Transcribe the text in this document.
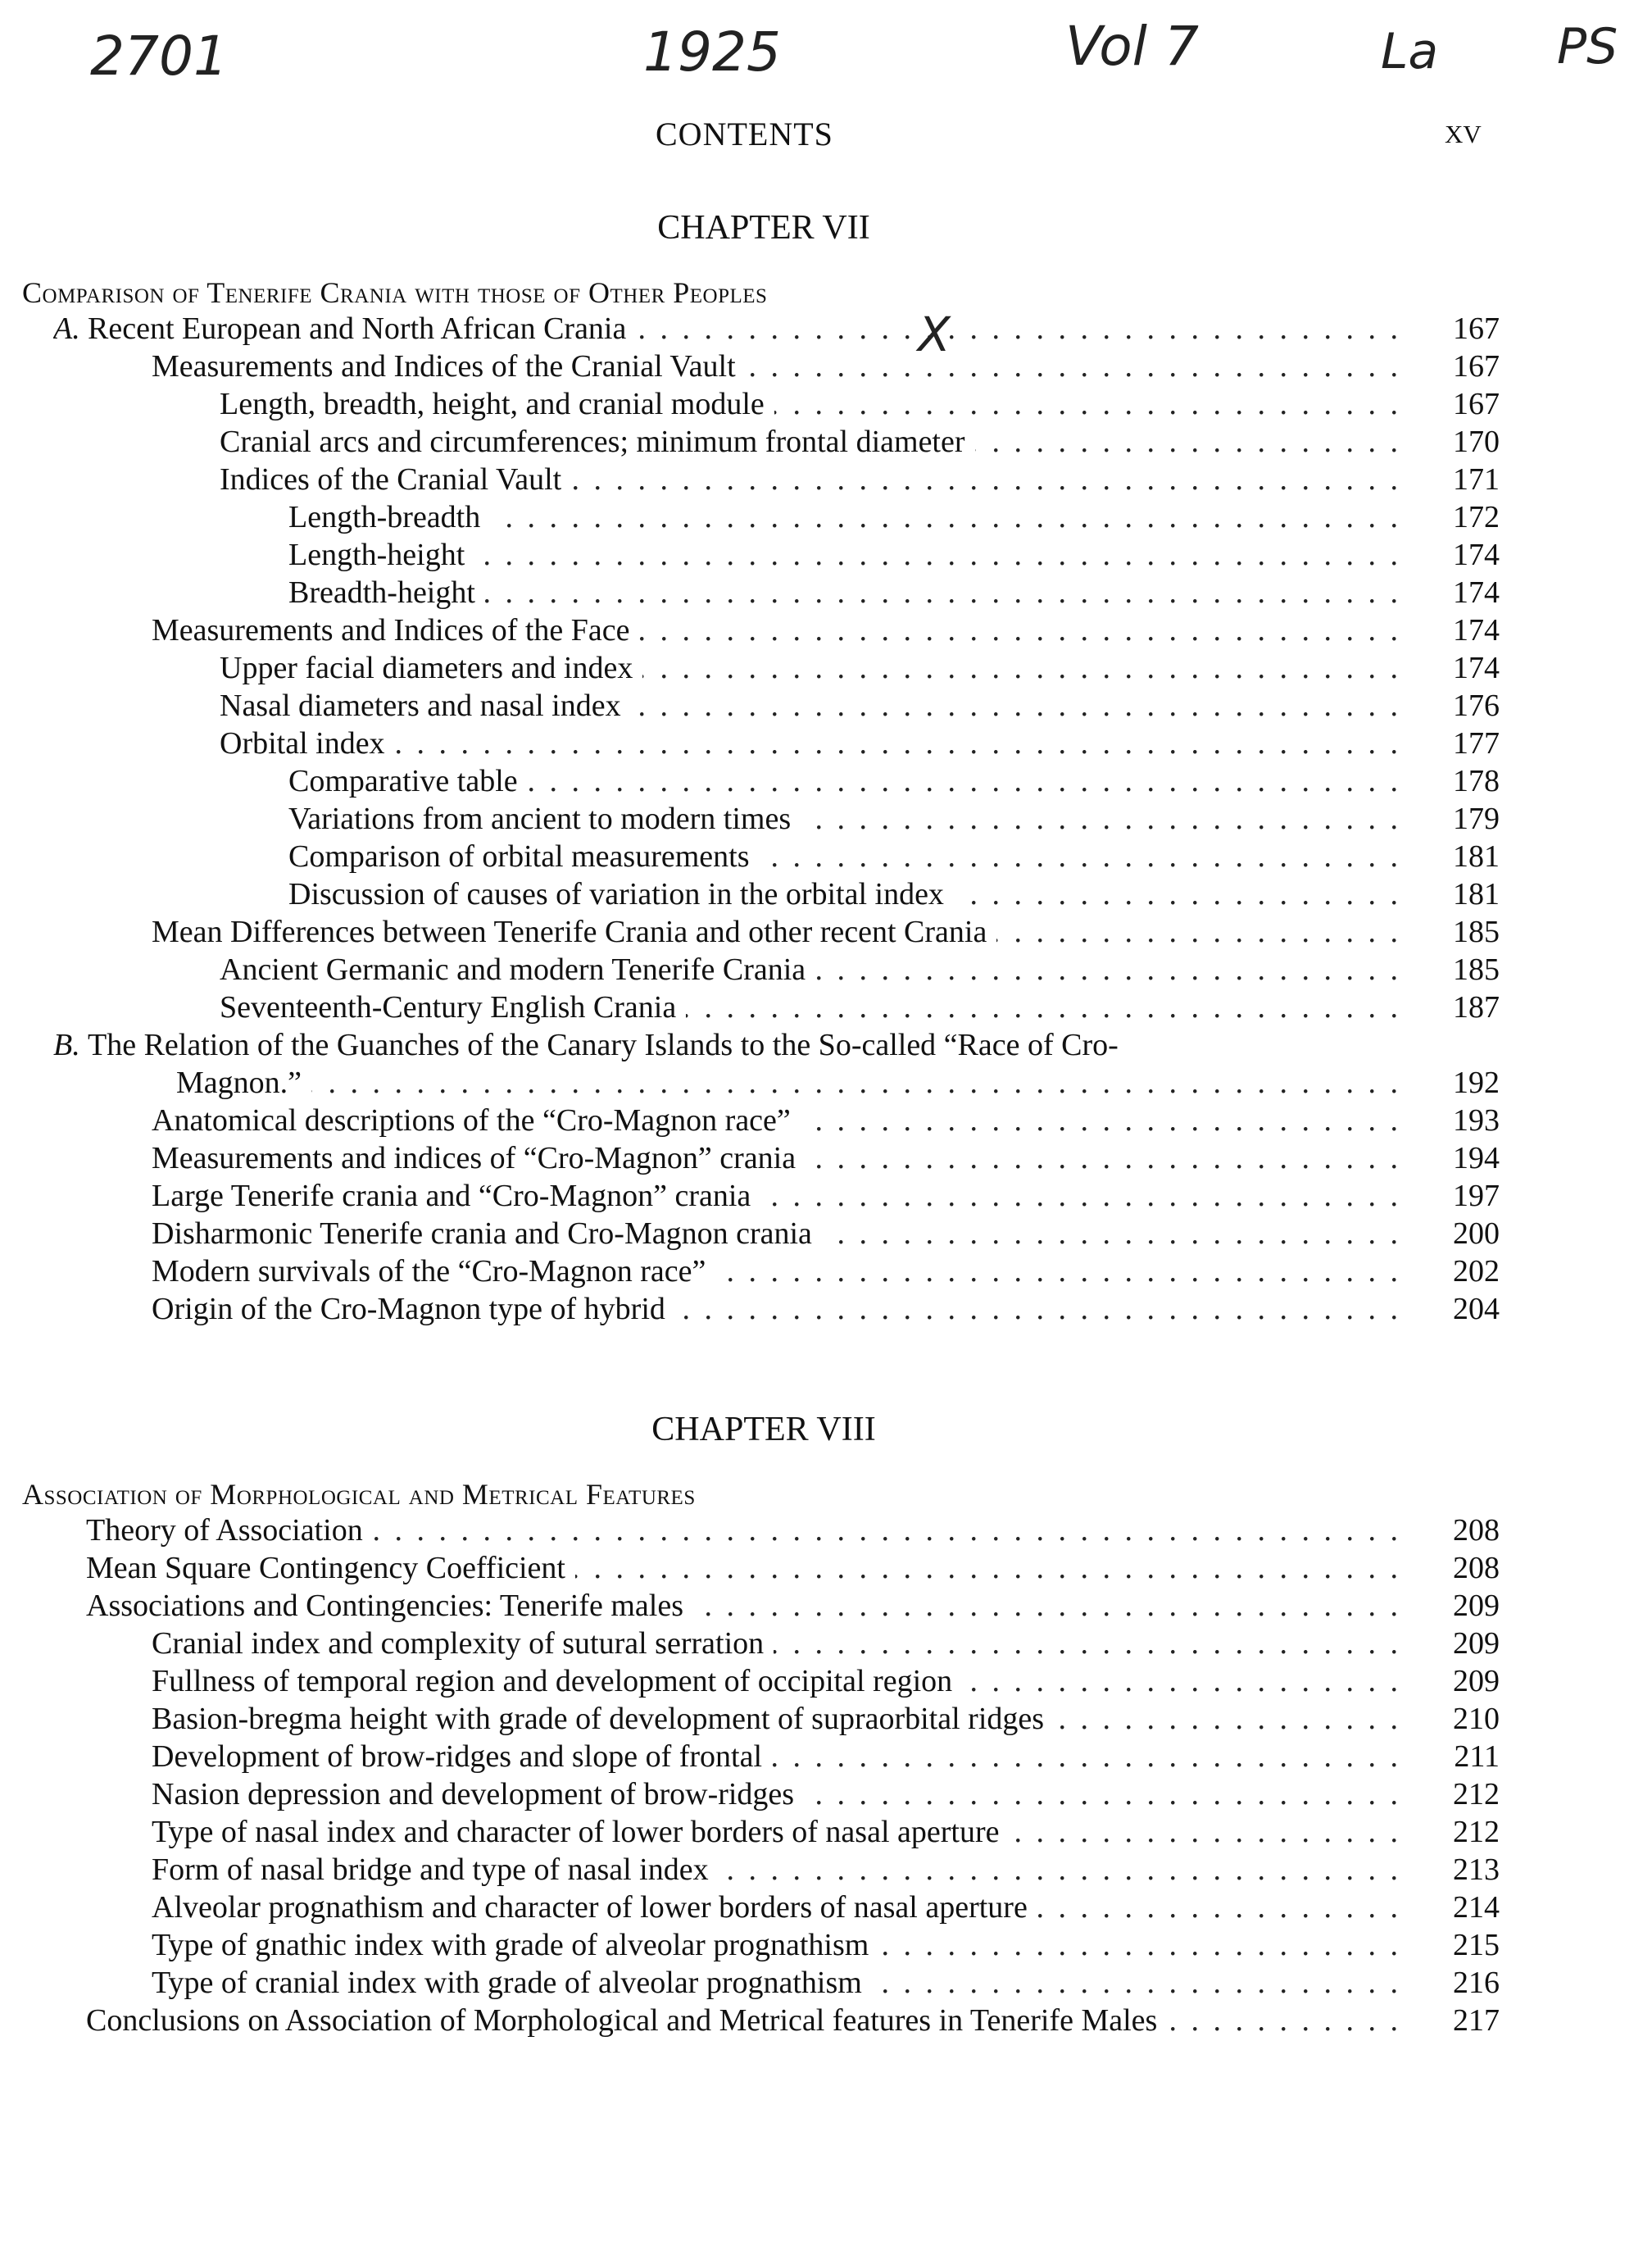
2701	1925	Vol 7	La PS
CONTENTS	xv
CHAPTER VII
Comparison of Tenerife Crania with those of Other Peoples
X
A. Recent European and North African Crania . . .	167
Measurements and Indices of the Cranial Vault . . .	167
Length, breadth, height, and cranial module . . .	167
Cranial arcs and circumferences; minimum frontal diameter . . .	170
Indices of the Cranial Vault . . .	171
Length-breadth . . .	172
Length-height . . .	174
Breadth-height . . .	174
Measurements and Indices of the Face . . .	174
Upper facial diameters and index . . .	174
Nasal diameters and nasal index . . .	176
Orbital index . . .	177
Comparative table . . .	178
Variations from ancient to modern times . . .	179
Comparison of orbital measurements . . .	181
Discussion of causes of variation in the orbital index . . .	181
Mean Differences between Tenerife Crania and other recent Crania . . .	185
Ancient Germanic and modern Tenerife Crania . . .	185
Seventeenth-Century English Crania . . .	187
B. The Relation of the Guanches of the Canary Islands to the So-called “Race of Cro-
Magnon.” . . .	192
Anatomical descriptions of the “Cro-Magnon race” . . .	193
Measurements and indices of “Cro-Magnon” crania . . .	194
Large Tenerife crania and “Cro-Magnon” crania . . .	197
Disharmonic Tenerife crania and Cro-Magnon crania . . .	200
Modern survivals of the “Cro-Magnon race” . . .	202
Origin of the Cro-Magnon type of hybrid . . .	204
CHAPTER VIII
Association of Morphological and Metrical Features
Theory of Association . . .	208
Mean Square Contingency Coefficient . . .	208
Associations and Contingencies: Tenerife males . . .	209
Cranial index and complexity of sutural serration . . .	209
Fullness of temporal region and development of occipital region . . .	209
Basion-bregma height with grade of development of supraorbital ridges . . .	210
Development of brow-ridges and slope of frontal . . .	211
Nasion depression and development of brow-ridges . . .	212
Type of nasal index and character of lower borders of nasal aperture . . .	212
Form of nasal bridge and type of nasal index . . .	213
Alveolar prognathism and character of lower borders of nasal aperture . . .	214
Type of gnathic index with grade of alveolar prognathism . . .	215
Type of cranial index with grade of alveolar prognathism . . .	216
Conclusions on Association of Morphological and Metrical features in Tenerife Males . . .	217
